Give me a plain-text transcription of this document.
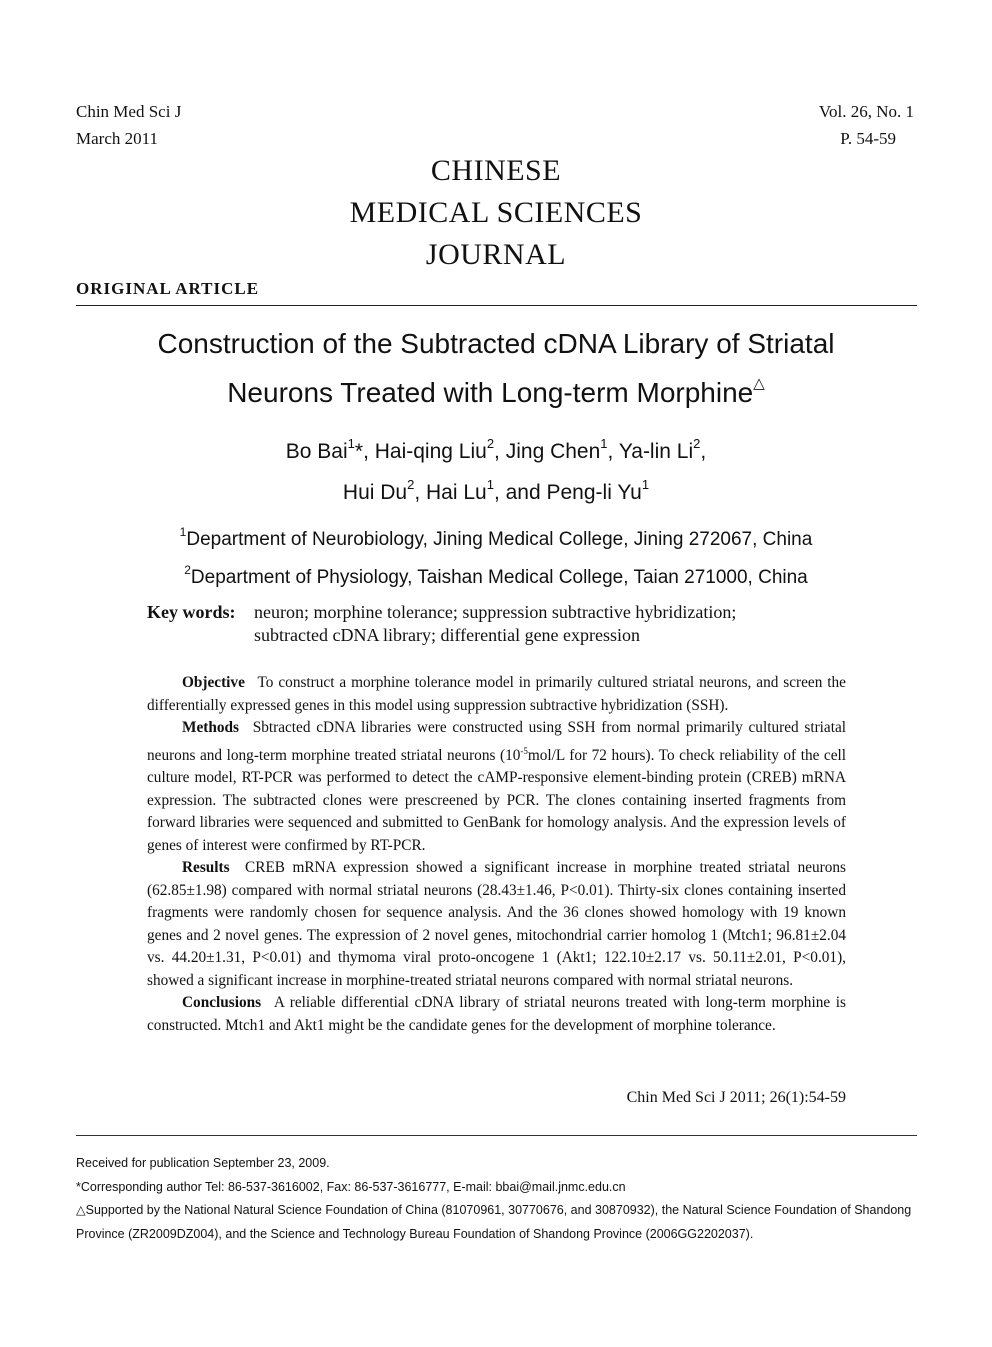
Chin Med Sci J
March 2011
Vol. 26, No. 1
P. 54-59
CHINESE
MEDICAL SCIENCES
JOURNAL
ORIGINAL ARTICLE
Construction of the Subtracted cDNA Library of Striatal
Neurons Treated with Long-term Morphine△
Bo Bai$^1$*, Hai-qing Liu$^2$, Jing Chen$^1$, Ya-lin Li$^2$,
Hui Du$^2$, Hai Lu$^1$, and Peng-li Yu$^1$
$^1$Department of Neurobiology, Jining Medical College, Jining 272067, China
$^2$Department of Physiology, Taishan Medical College, Taian 271000, China
Key words: neuron; morphine tolerance; suppression subtractive hybridization;
subtracted cDNA library; differential gene expression

Objective To construct a morphine tolerance model in primarily cultured striatal neurons, and screen the differentially expressed genes in this model using suppression subtractive hybridization (SSH).

Methods Sbtracted cDNA libraries were constructed using SSH from normal primarily cultured striatal neurons and long-term morphine treated striatal neurons ($10^{-5}mol/L$ for 72 hours). To check reliability of the cell culture model, RT-PCR was performed to detect the cAMP-responsive element-binding protein (CREB) mRNA expression. The subtracted clones were prescreened by PCR. The clones containing inserted fragments from forward libraries were sequenced and submitted to GenBank for homology analysis. And the expression levels of genes of interest were confirmed by RT-PCR.

Results CREB mRNA expression showed a significant increase in morphine treated striatal neurons (62.85±1.98) compared with normal striatal neurons (28.43±1.46, P<0.01). Thirty-six clones containing inserted fragments were randomly chosen for sequence analysis. And the 36 clones showed homology with 19 known genes and 2 novel genes. The expression of 2 novel genes, mitochondrial carrier homolog 1 (Mtch1; 96.81±2.04 vs. 44.20±1.31, P<0.01) and thymoma viral proto-oncogene 1 (Akt1; 122.10±2.17 vs. 50.11±2.01, P<0.01), showed a significant increase in morphine-treated striatal neurons compared with normal striatal neurons.

Conclusions A reliable differential cDNA library of striatal neurons treated with long-term morphine is constructed. Mtch1 and Akt1 might be the candidate genes for the development of morphine tolerance.

Chin Med Sci J 2011; 26(1):54-59

Received for publication September 23, 2009.

*Corresponding author Tel: 86-537-3616002, Fax: 86-537-3616777, E-mail: bbai@mail.jnmc.edu.cn

△Supported by the National Natural Science Foundation of China (81070961, 30770676, and 30870932), the Natural Science Foundation of Shandong Province (ZR2009DZ004), and the Science and Technology Bureau Foundation of Shandong Province (2006GG2202037).
